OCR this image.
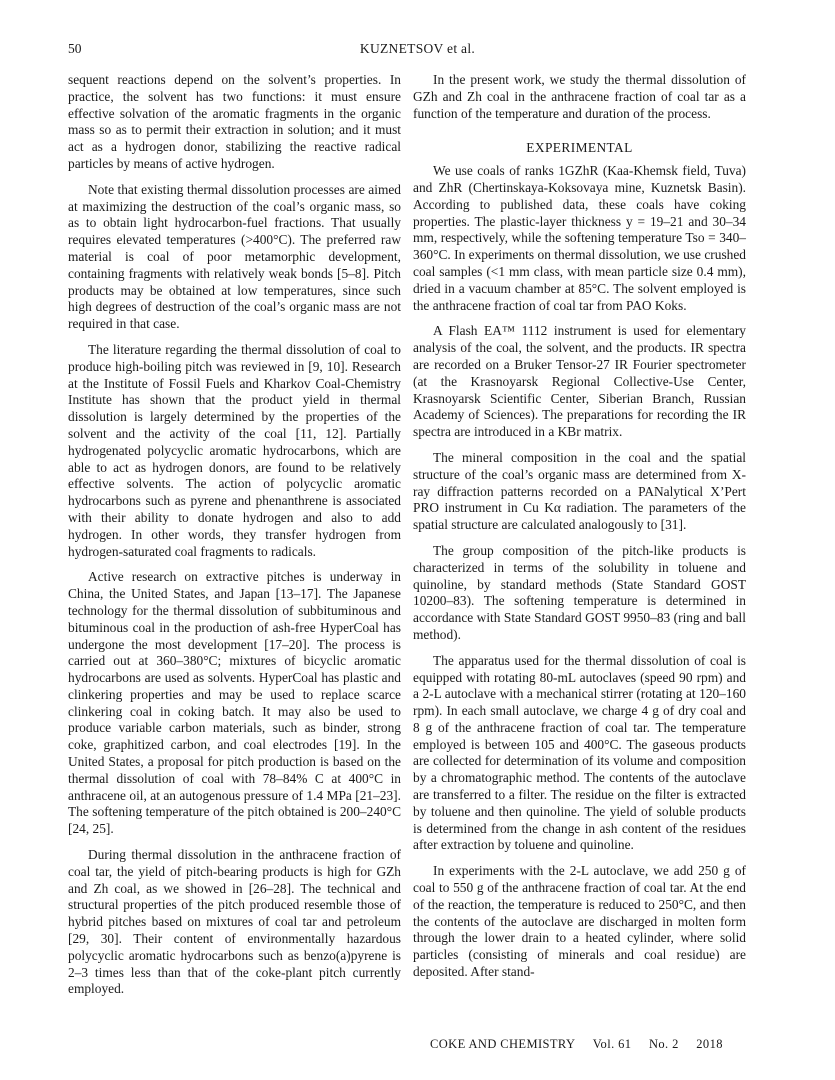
50	KUZNETSOV et al.

sequent reactions depend on the solvent’s properties. In practice, the solvent has two functions: it must ensure effective solvation of the aromatic fragments in the organic mass so as to permit their extraction in solution; and it must act as a hydrogen donor, stabilizing the reactive radical particles by means of active hydrogen.

Note that existing thermal dissolution processes are aimed at maximizing the destruction of the coal’s organic mass, so as to obtain light hydrocarbon-fuel fractions. That usually requires elevated temperatures (>400°C). The preferred raw material is coal of poor metamorphic development, containing fragments with relatively weak bonds [5–8]. Pitch products may be obtained at low temperatures, since such high degrees of destruction of the coal’s organic mass are not required in that case.

The literature regarding the thermal dissolution of coal to produce high-boiling pitch was reviewed in [9, 10]. Research at the Institute of Fossil Fuels and Kharkov Coal-Chemistry Institute has shown that the product yield in thermal dissolution is largely determined by the properties of the solvent and the activity of the coal [11, 12]. Partially hydrogenated polycyclic aromatic hydrocarbons, which are able to act as hydrogen donors, are found to be relatively effective solvents. The action of polycyclic aromatic hydrocarbons such as pyrene and phenanthrene is associated with their ability to donate hydrogen and also to add hydrogen. In other words, they transfer hydrogen from hydrogen-saturated coal fragments to radicals.

Active research on extractive pitches is underway in China, the United States, and Japan [13–17]. The Japanese technology for the thermal dissolution of subbituminous and bituminous coal in the production of ash-free HyperCoal has undergone the most development [17–20]. The process is carried out at 360–380°C; mixtures of bicyclic aromatic hydrocarbons are used as solvents. HyperCoal has plastic and clinkering properties and may be used to replace scarce clinkering coal in coking batch. It may also be used to produce variable carbon materials, such as binder, strong coke, graphitized carbon, and coal electrodes [19]. In the United States, a proposal for pitch production is based on the thermal dissolution of coal with 78–84% C at 400°C in anthracene oil, at an autogenous pressure of 1.4 MPa [21–23]. The softening temperature of the pitch obtained is 200–240°C [24, 25].

During thermal dissolution in the anthracene fraction of coal tar, the yield of pitch-bearing products is high for GZh and Zh coal, as we showed in [26–28]. The technical and structural properties of the pitch produced resemble those of hybrid pitches based on mixtures of coal tar and petroleum [29, 30]. Their content of environmentally hazardous polycyclic aromatic hydrocarbons such as benzo(a)pyrene is 2–3 times less than that of the coke-plant pitch currently employed.

In the present work, we study the thermal dissolution of GZh and Zh coal in the anthracene fraction of coal tar as a function of the temperature and duration of the process.

EXPERIMENTAL

We use coals of ranks 1GZhR (Kaa-Khemsk field, Tuva) and ZhR (Chertinskaya-Koksovaya mine, Kuznetsk Basin). According to published data, these coals have coking properties. The plastic-layer thickness y = 19–21 and 30–34 mm, respectively, while the softening temperature Tso = 340–360°C. In experiments on thermal dissolution, we use crushed coal samples (<1 mm class, with mean particle size 0.4 mm), dried in a vacuum chamber at 85°C. The solvent employed is the anthracene fraction of coal tar from PAO Koks.

A Flash EA™ 1112 instrument is used for elementary analysis of the coal, the solvent, and the products. IR spectra are recorded on a Bruker Tensor-27 IR Fourier spectrometer (at the Krasnoyarsk Regional Collective-Use Center, Krasnoyarsk Scientific Center, Siberian Branch, Russian Academy of Sciences). The preparations for recording the IR spectra are introduced in a KBr matrix.

The mineral composition in the coal and the spatial structure of the coal’s organic mass are determined from X-ray diffraction patterns recorded on a PANalytical X’Pert PRO instrument in Cu Kα radiation. The parameters of the spatial structure are calculated analogously to [31].

The group composition of the pitch-like products is characterized in terms of the solubility in toluene and quinoline, by standard methods (State Standard GOST 10200–83). The softening temperature is determined in accordance with State Standard GOST 9950–83 (ring and ball method).

The apparatus used for the thermal dissolution of coal is equipped with rotating 80-mL autoclaves (speed 90 rpm) and a 2-L autoclave with a mechanical stirrer (rotating at 120–160 rpm). In each small autoclave, we charge 4 g of dry coal and 8 g of the anthracene fraction of coal tar. The temperature employed is between 105 and 400°C. The gaseous products are collected for determination of its volume and composition by a chromatographic method. The contents of the autoclave are transferred to a filter. The residue on the filter is extracted by toluene and then quinoline. The yield of soluble products is determined from the change in ash content of the residues after extraction by toluene and quinoline.

In experiments with the 2-L autoclave, we add 250 g of coal to 550 g of the anthracene fraction of coal tar. At the end of the reaction, the temperature is reduced to 250°C, and then the contents of the autoclave are discharged in molten form through the lower drain to a heated cylinder, where solid particles (consisting of minerals and coal residue) are deposited. After stand-

COKE AND CHEMISTRY Vol. 61 No. 2 2018
